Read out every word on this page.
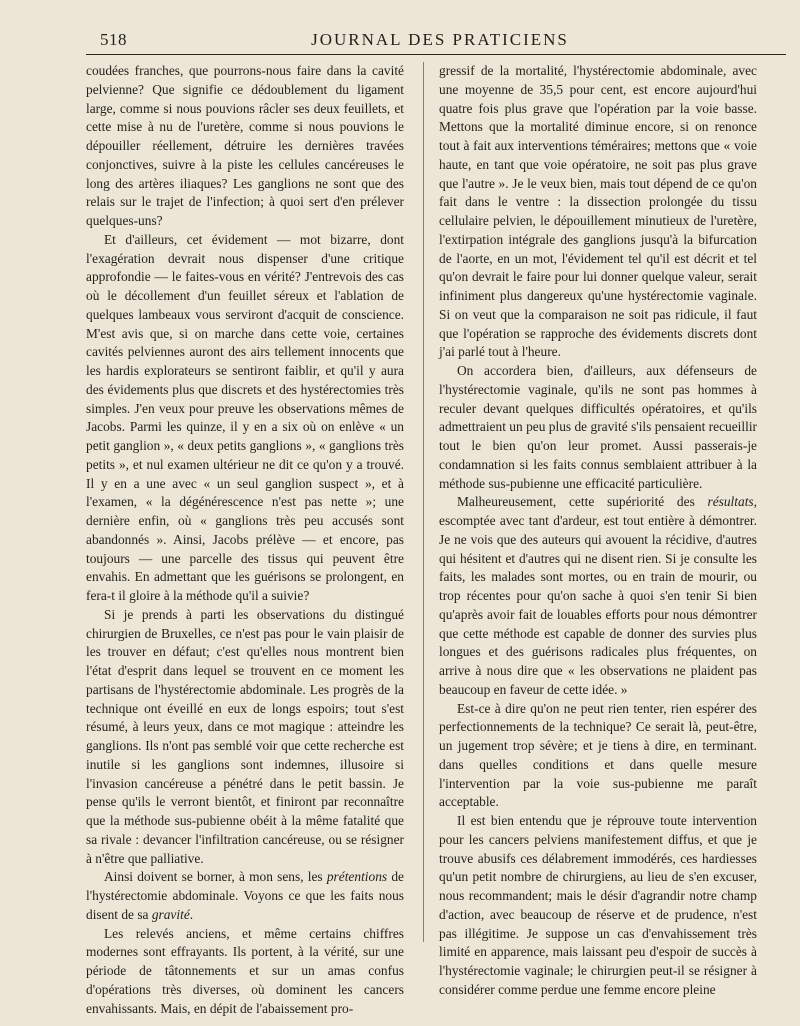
518	JOURNAL DES PRATICIENS

coudées franches, que pourrons-nous faire dans la cavité pelvienne? Que signifie ce dédoublement du ligament large, comme si nous pouvions râcler ses deux feuillets, et cette mise à nu de l'uretère, comme si nous pouvions le dépouiller réellement, détruire les dernières travées conjonctives, suivre à la piste les cellules cancéreuses le long des artères iliaques? Les ganglions ne sont que des relais sur le trajet de l'infection; à quoi sert d'en prélever quelques-uns?

Et d'ailleurs, cet évidement — mot bizarre, dont l'exagération devrait nous dispenser d'une critique approfondie — le faites-vous en vérité? J'entrevois des cas où le décollement d'un feuillet séreux et l'ablation de quelques lambeaux vous serviront d'acquit de conscience. M'est avis que, si on marche dans cette voie, certaines cavités pelviennes auront des airs tellement innocents que les hardis explorateurs se sentiront faiblir, et qu'il y aura des évidements plus que discrets et des hystérectomies très simples. J'en veux pour preuve les observations mêmes de Jacobs. Parmi les quinze, il y en a six où on enlève « un petit ganglion », « deux petits ganglions », « ganglions très petits », et nul examen ultérieur ne dit ce qu'on y a trouvé. Il y en a une avec « un seul ganglion suspect », et à l'examen, « la dégénérescence n'est pas nette »; une dernière enfin, où « ganglions très peu accusés sont abandonnés ». Ainsi, Jacobs prélève — et encore, pas toujours — une parcelle des tissus qui peuvent être envahis. En admettant que les guérisons se prolongent, en fera-t il gloire à la méthode qu'il a suivie?

Si je prends à parti les observations du distingué chirurgien de Bruxelles, ce n'est pas pour le vain plaisir de les trouver en défaut; c'est qu'elles nous montrent bien l'état d'esprit dans lequel se trouvent en ce moment les partisans de l'hystérectomie abdominale. Les progrès de la technique ont éveillé en eux de longs espoirs; tout s'est résumé, à leurs yeux, dans ce mot magique : atteindre les ganglions. Ils n'ont pas semblé voir que cette recherche est inutile si les ganglions sont indemnes, illusoire si l'invasion cancéreuse a pénétré dans le petit bassin. Je pense qu'ils le verront bientôt, et finiront par reconnaître que la méthode sus-pubienne obéit à la même fatalité que sa rivale : devancer l'infiltration cancéreuse, ou se résigner à n'être que palliative.

Ainsi doivent se borner, à mon sens, les prétentions de l'hystérectomie abdominale. Voyons ce que les faits nous disent de sa gravité.

Les relevés anciens, et même certains chiffres modernes sont effrayants. Ils portent, à la vérité, sur une période de tâtonnements et sur un amas confus d'opérations très diverses, où dominent les cancers envahissants. Mais, en dépit de l'abaissement pro-

gressif de la mortalité, l'hystérectomie abdominale, avec une moyenne de 35,5 pour cent, est encore aujourd'hui quatre fois plus grave que l'opération par la voie basse. Mettons que la mortalité diminue encore, si on renonce tout à fait aux interventions téméraires; mettons que « voie haute, en tant que voie opératoire, ne soit pas plus grave que l'autre ». Je le veux bien, mais tout dépend de ce qu'on fait dans le ventre : la dissection prolongée du tissu cellulaire pelvien, le dépouillement minutieux de l'uretère, l'extirpation intégrale des ganglions jusqu'à la bifurcation de l'aorte, en un mot, l'évidement tel qu'il est décrit et tel qu'on devrait le faire pour lui donner quelque valeur, serait infiniment plus dangereux qu'une hystérectomie vaginale. Si on veut que la comparaison ne soit pas ridicule, il faut que l'opération se rapproche des évidements discrets dont j'ai parlé tout à l'heure.

On accordera bien, d'ailleurs, aux défenseurs de l'hystérectomie vaginale, qu'ils ne sont pas hommes à reculer devant quelques difficultés opératoires, et qu'ils admettraient un peu plus de gravité s'ils pensaient recueillir tout le bien qu'on leur promet. Aussi passerais-je condamnation si les faits connus semblaient attribuer à la méthode sus-pubienne une efficacité particulière.

Malheureusement, cette supériorité des résultats, escomptée avec tant d'ardeur, est tout entière à démontrer. Je ne vois que des auteurs qui avouent la récidive, d'autres qui hésitent et d'autres qui ne disent rien. Si je consulte les faits, les malades sont mortes, ou en train de mourir, ou trop récentes pour qu'on sache à quoi s'en tenir Si bien qu'après avoir fait de louables efforts pour nous démontrer que cette méthode est capable de donner des survies plus longues et des guérisons radicales plus fréquentes, on arrive à nous dire que « les observations ne plaident pas beaucoup en faveur de cette idée. »

Est-ce à dire qu'on ne peut rien tenter, rien espérer des perfectionnements de la technique? Ce serait là, peut-être, un jugement trop sévère; et je tiens à dire, en terminant. dans quelles conditions et dans quelle mesure l'intervention par la voie sus-pubienne me paraît acceptable.

Il est bien entendu que je réprouve toute intervention pour les cancers pelviens manifestement diffus, et que je trouve abusifs ces délabrement immodérés, ces hardiesses qu'un petit nombre de chirurgiens, au lieu de s'en excuser, nous recommandent; mais le désir d'agrandir notre champ d'action, avec beaucoup de réserve et de prudence, n'est pas illégitime. Je suppose un cas d'envahissement très limité en apparence, mais laissant peu d'espoir de succès à l'hystérectomie vaginale; le chirurgien peut-il se résigner à considérer comme perdue une femme encore pleine
